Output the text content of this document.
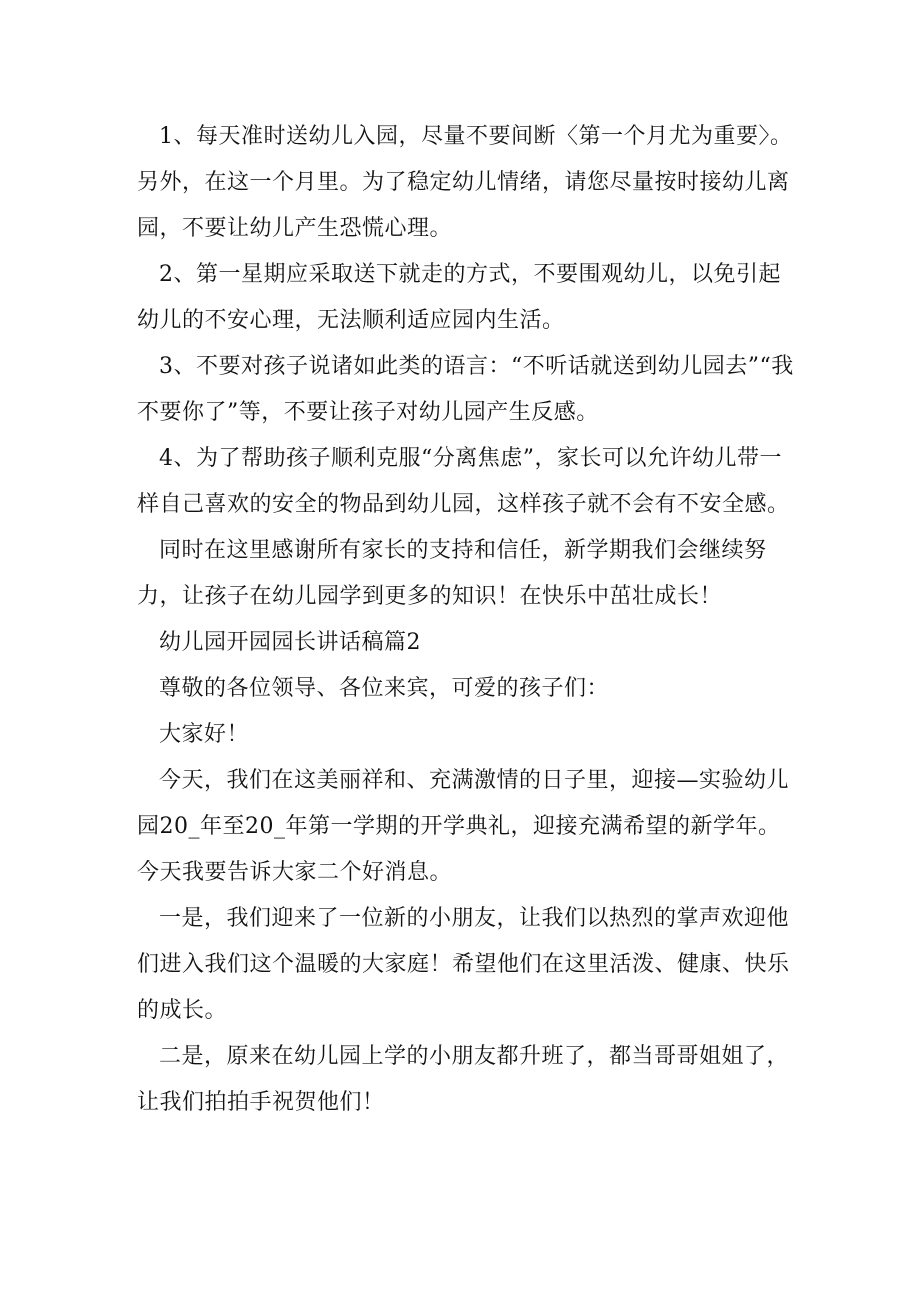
1、每天准时送幼儿入园，尽量不要间断〈第一个月尤为重要〉。另外，在这一个月里。为了稳定幼儿情绪，请您尽量按时接幼儿离园，不要让幼儿产生恐慌心理。

2、第一星期应采取送下就走的方式，不要围观幼儿，以免引起幼儿的不安心理，无法顺利适应园内生活。

3、不要对孩子说诸如此类的语言：“不听话就送到幼儿园去”“我不要你了”等，不要让孩子对幼儿园产生反感。

4、为了帮助孩子顺利克服“分离焦虑”，家长可以允许幼儿带一样自己喜欢的安全的物品到幼儿园，这样孩子就不会有不安全感。

同时在这里感谢所有家长的支持和信任，新学期我们会继续努力，让孩子在幼儿园学到更多的知识！在快乐中茁壮成长！

幼儿园开园园长讲话稿篇2

尊敬的各位领导、各位来宾，可爱的孩子们：

大家好！

今天，我们在这美丽祥和、充满激情的日子里，迎接—实验幼儿园20_年至20_年第一学期的开学典礼，迎接充满希望的新学年。今天我要告诉大家二个好消息。

一是，我们迎来了一位新的小朋友，让我们以热烈的掌声欢迎他们进入我们这个温暖的大家庭！希望他们在这里活泼、健康、快乐的成长。

二是，原来在幼儿园上学的小朋友都升班了，都当哥哥姐姐了，让我们拍拍手祝贺他们！
